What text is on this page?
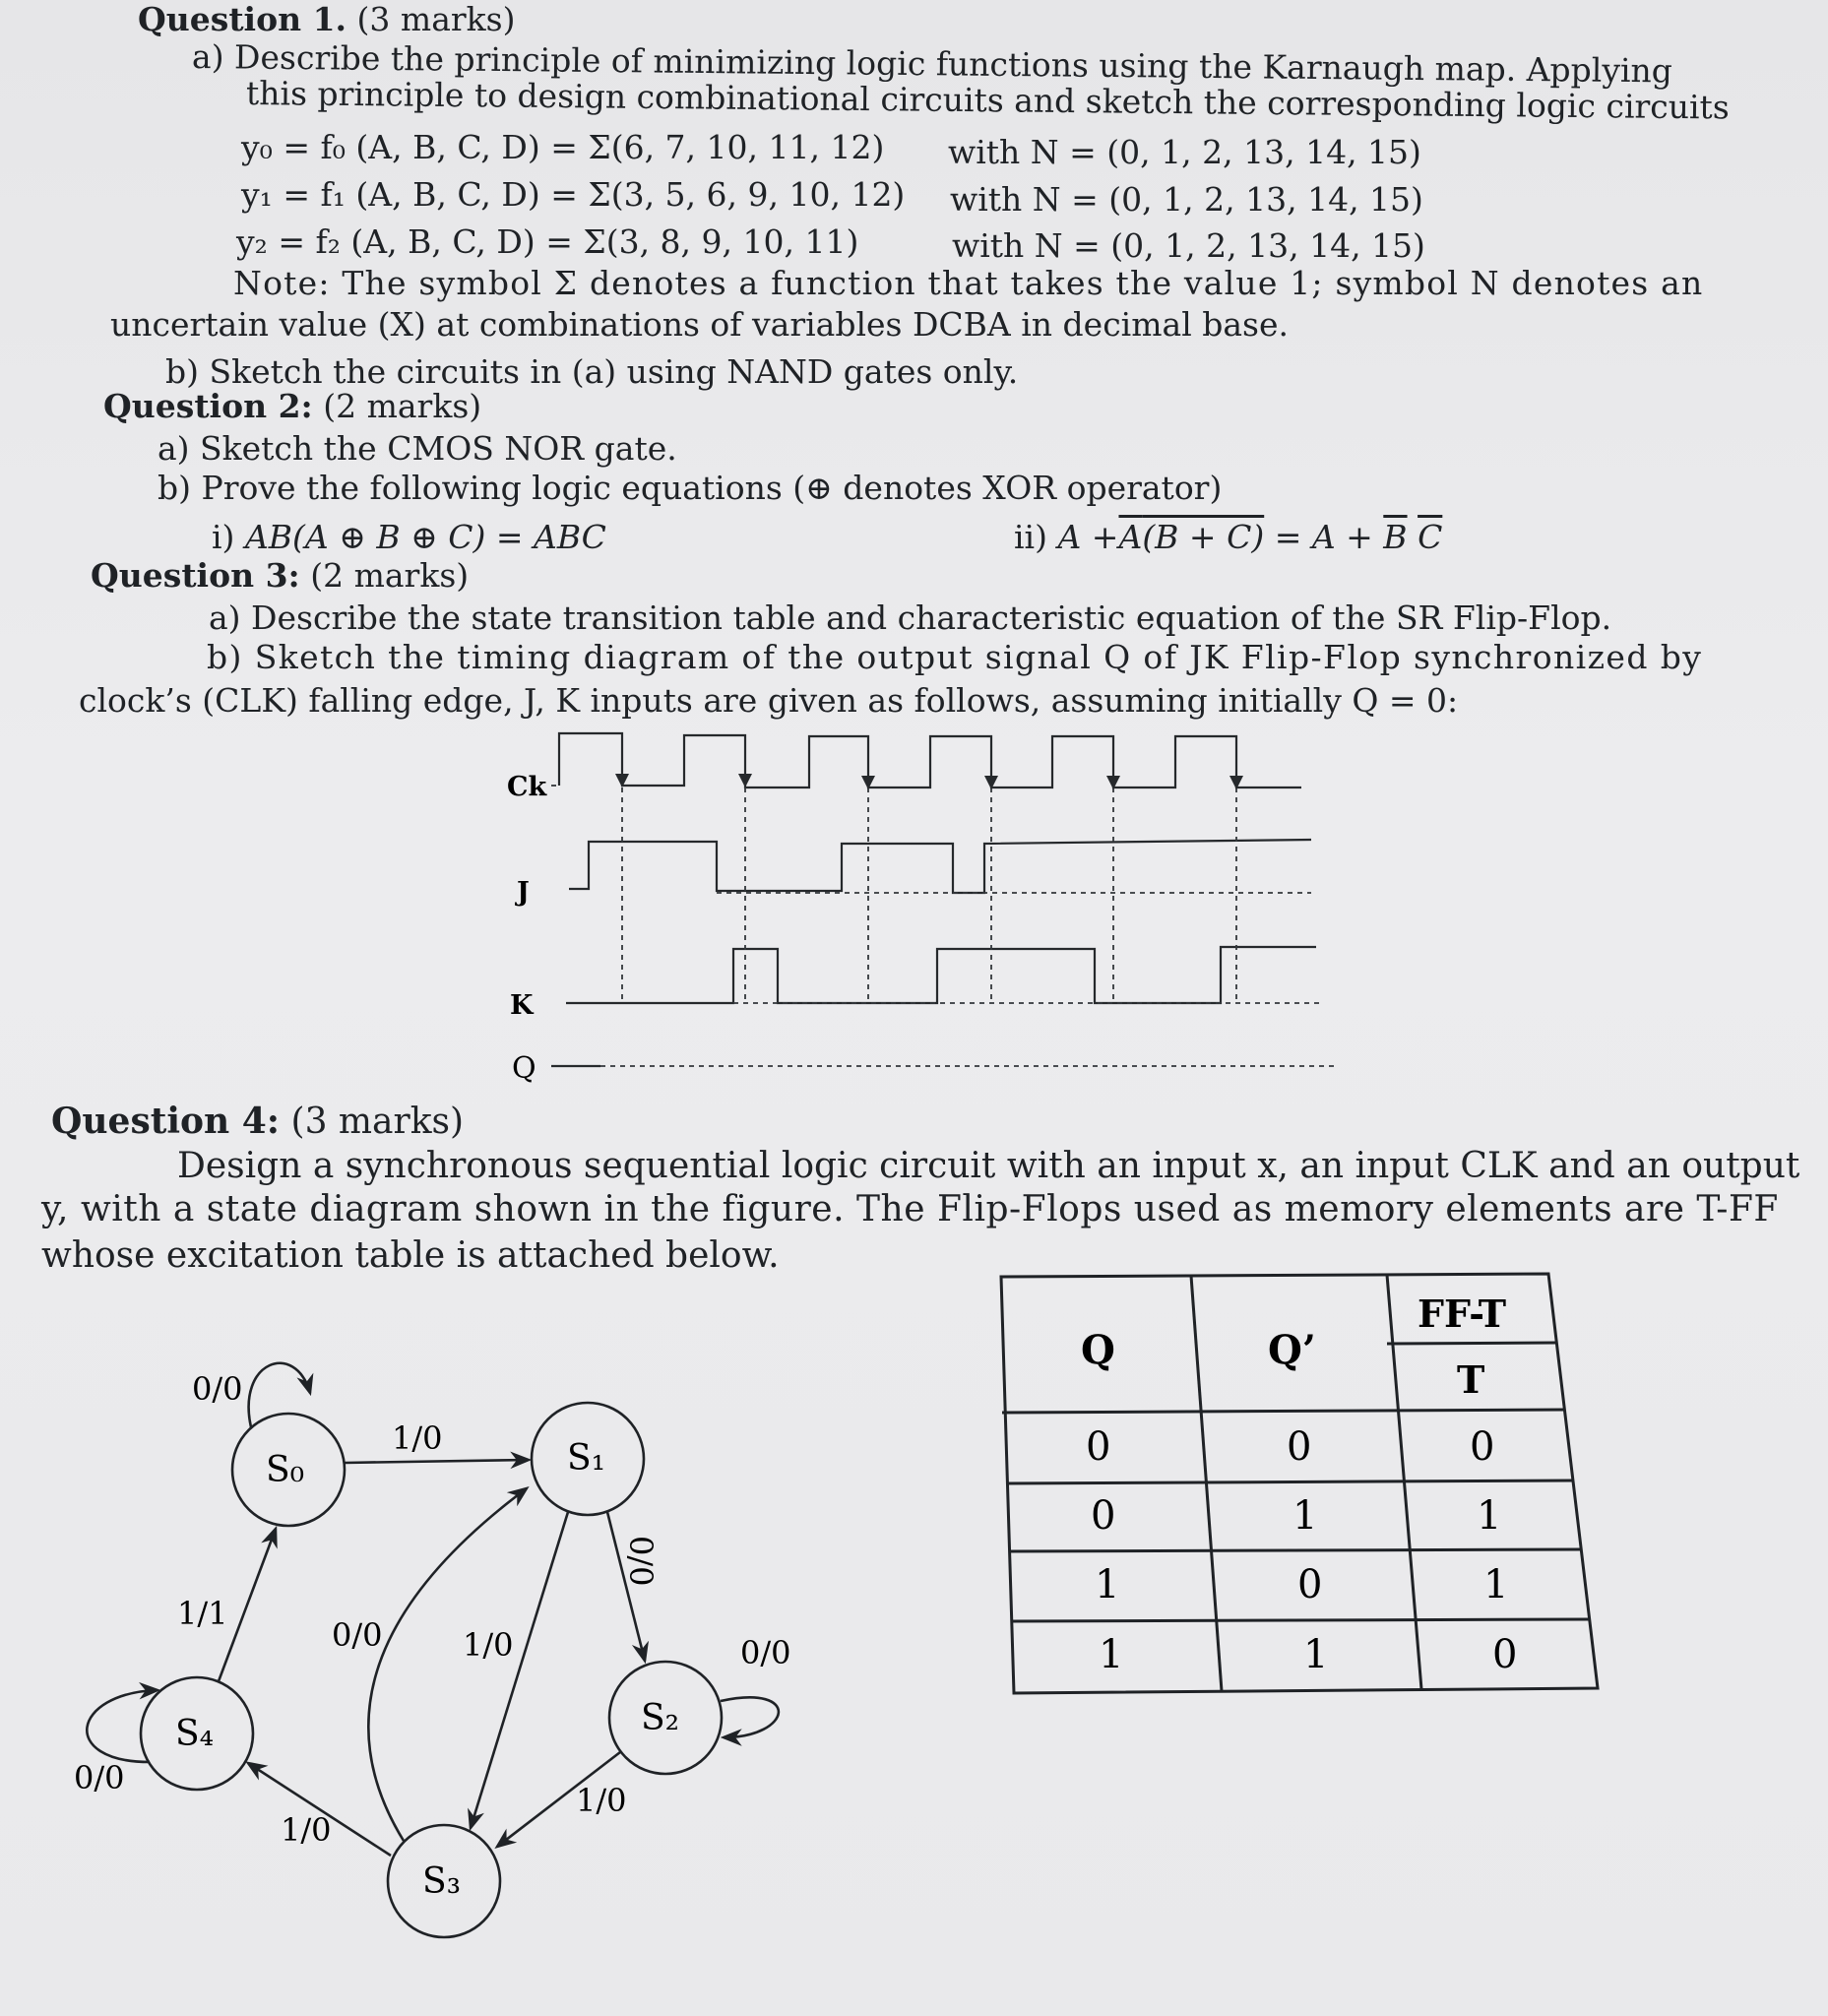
Question 1. (3 marks)
a) Describe the principle of minimizing logic functions using the Karnaugh map. Applying
this principle to design combinational circuits and sketch the corresponding logic circuits
y₀ = f₀ (A, B, C, D) = Σ(6, 7, 10, 11, 12) with N = (0, 1, 2, 13, 14, 15)
y₁ = f₁ (A, B, C, D) = Σ(3, 5, 6, 9, 10, 12) with N = (0, 1, 2, 13, 14, 15)
y₂ = f₂ (A, B, C, D) = Σ(3, 8, 9, 10, 11)	with N = (0, 1, 2, 13, 14, 15)
Note: The symbol Σ denotes a function that takes the value 1; symbol N denotes an
uncertain value (X) at combinations of variables DCBA in decimal base.
b) Sketch the circuits in (a) using NAND gates only.
Question 2: (2 marks)
a) Sketch the CMOS NOR gate.
b) Prove the following logic equations (⊕ denotes XOR operator)
i) AB(A ⊕ B ⊕ C) = ABC	ii) $A +A(B + C) = A + \overline{B}$ $\overline{C}$
Question 3: (2 marks)
a) Describe the state transition table and characteristic equation of the SR Flip-Flop.
b) Sketch the timing diagram of the output signal Q of JK Flip-Flop synchronized by
clock’s (CLK) falling edge, J, K inputs are given as follows, assuming initially Q = 0:
Ck
J
K
Q
Question 4: (3 marks)
Design a synchronous sequential logic circuit with an input x, an input CLK and an output
y, with a state diagram shown in the figure. The Flip-Flops used as memory elements are T-FF
whose excitation table is attached below.
S₀	S₁
S₂
S₃
S₄
0/0
1/0
0/0
0/0
1/0
1/0
0/0
1/0
0/0
1/1
Q	Q’
FF-T
T
0	0	0
0	1	1
1	0	1
1	1	0
